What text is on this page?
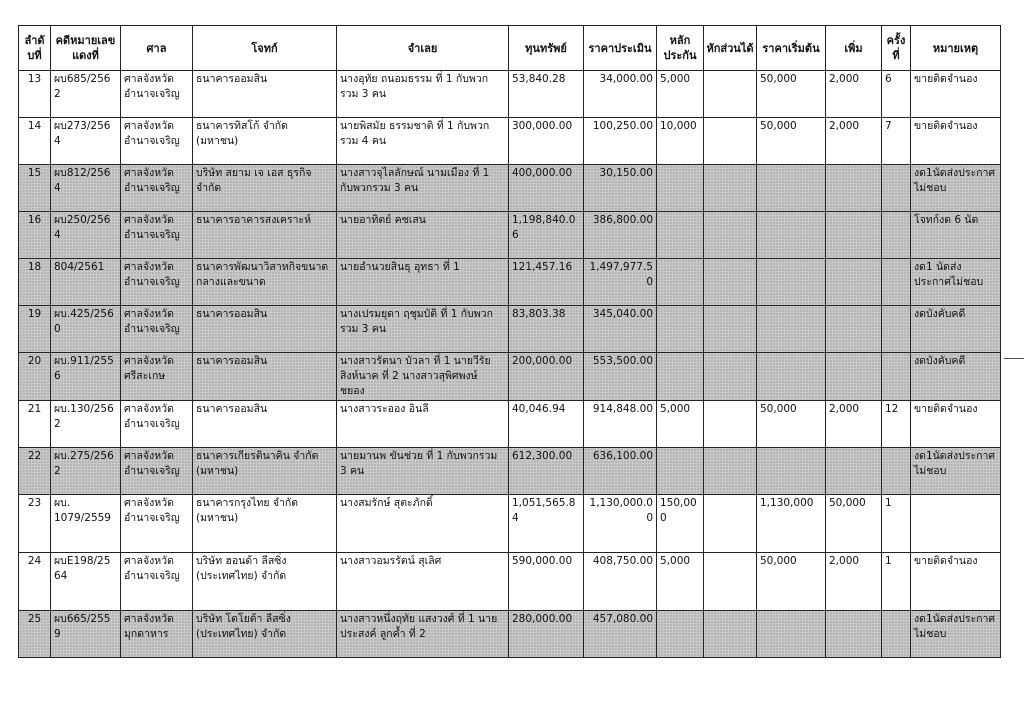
ลำดับที่	คดีหมายเลขแดงที่	ศาล	โจทก์	จำเลย	ทุนทรัพย์	ราคาประเมิน	หลักประกัน	หักส่วนได้	ราคาเริ่มต้น	เพิ่ม	ครั้งที่	หมายเหตุ
13	ผบ685/2562	ศาลจังหวัดอำนาจเจริญ	ธนาคารออมสิน	นางอุทัย ถนอมธรรม ที่ 1 กับพวกรวม 3 คน	53,840.28	34,000.00	5,000		50,000	2,000	6	ขายติดจำนอง
14	ผบ273/2564	ศาลจังหวัดอำนาจเจริญ	ธนาคารทิสโก้ จำกัด (มหาชน)	นายพิสมัย ธรรมชาติ ที่ 1 กับพวกรวม 4 คน	300,000.00	100,250.00	10,000		50,000	2,000	7	ขายติดจำนอง
15	ผบ812/2564	ศาลจังหวัดอำนาจเจริญ	บริษัท สยาม เจ เอส ธุรกิจ จำกัด	นางสาวจุไลลักษณ์ นามเมือง ที่ 1 กับพวกรวม 3 คน	400,000.00	30,150.00						งด1นัดส่งประกาศไม่ชอบ
16	ผบ250/2564	ศาลจังหวัดอำนาจเจริญ	ธนาคารอาคารสงเคราะห์	นายอาทิตย์ คชเสน	1,198,840.06	386,800.00						โจทก์งด 6 นัด
18	804/2561	ศาลจังหวัดอำนาจเจริญ	ธนาคารพัฒนาวิสาหกิจขนาดกลางและขนาด	นายอำนวยสินธุ อุทธา ที่ 1	121,457.16	1,497,977.50						งด1 นัดส่งประกาศไม่ชอบ
19	ผบ.425/2560	ศาลจังหวัดอำนาจเจริญ	ธนาคารออมสิน	นางเปรมยุดา ฤชุมบัติ ที่ 1 กับพวกรวม 3 คน	83,803.38	345,040.00						งดบังคับคดี
20	ผบ.911/2556	ศาลจังหวัดศรีสะเกษ	ธนาคารออมสิน	นางสาวรัตนา บัวลา ที่ 1 นายวีรัยสิงห์นาค ที่ 2 นางสาวสุพิศพงษ์ ชยอง	200,000.00	553,500.00						งดบังคับคดี
21	ผบ.130/2562	ศาลจังหวัดอำนาจเจริญ	ธนาคารออมสิน	นางสาวระออง อินลี	40,046.94	914,848.00	5,000		50,000	2,000	12	ขายติดจำนอง
22	ผบ.275/2562	ศาลจังหวัดอำนาจเจริญ	ธนาคารเกียรตินาคิน จำกัด (มหาชน)	นายมานพ ขันช่วย ที่ 1 กับพวกรวม 3 คน	612,300.00	636,100.00						งด1นัดส่งประกาศไม่ชอบ
23	ผบ. 1079/2559	ศาลจังหวัดอำนาจเจริญ	ธนาคารกรุงไทย จำกัด (มหาชน)	นางสมรักษ์ สุตะภักดิ์	1,051,565.84	1,130,000.00	150,000		1,130,000	50,000	1	
24	ผบE198/2564	ศาลจังหวัดอำนาจเจริญ	บริษัท ฮอนด้า ลีสซิ่ง (ประเทศไทย) จำกัด	นางสาวอมรรัตน์ สุเลิศ	590,000.00	408,750.00	5,000		50,000	2,000	1	ขายติดจำนอง
25	ผบ665/2559	ศาลจังหวัดมุกดาหาร	บริษัท โตโยต้า ลีสซิ่ง (ประเทศไทย) จำกัด	นางสาวหนึ่งฤทัย แสงวงศ์ ที่ 1 นายประสงค์ ลูกค้ำ ที่ 2	280,000.00	457,080.00						งด1นัดส่งประกาศไม่ชอบ
